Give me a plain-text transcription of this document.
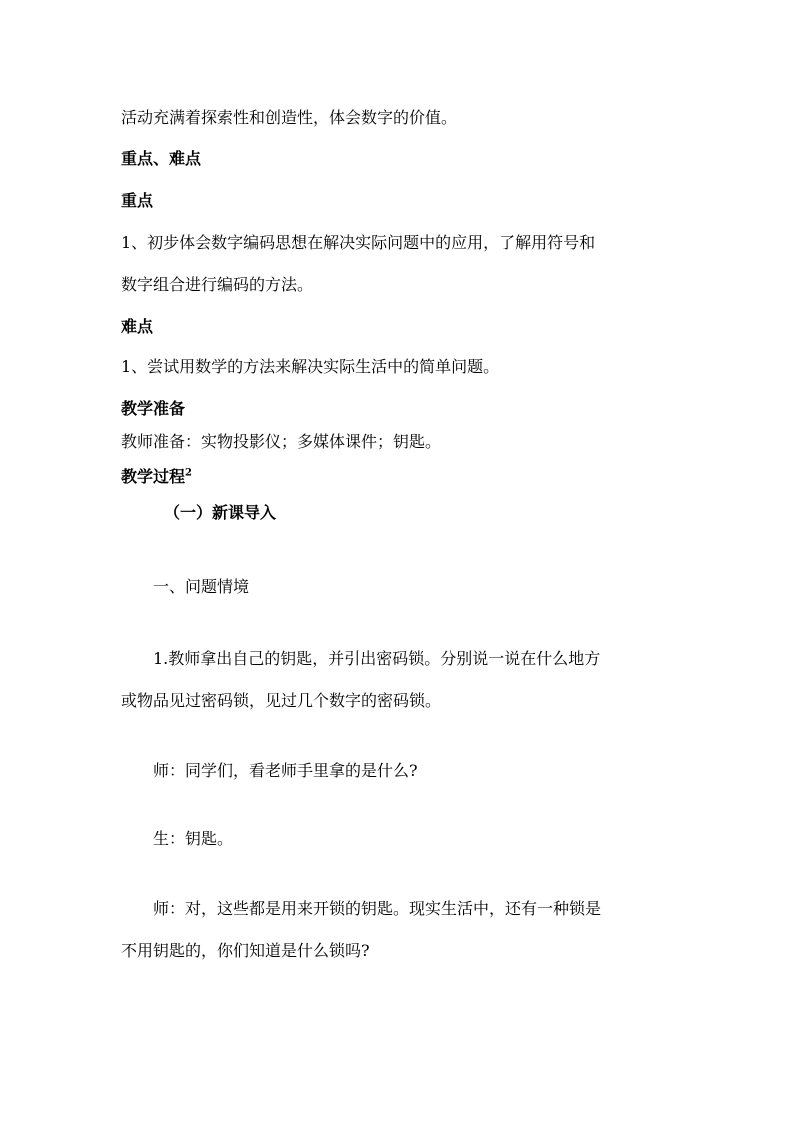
活动充满着探索性和创造性，体会数字的价值。
重点、难点
重点
1、初步体会数字编码思想在解决实际问题中的应用，了解用符号和
数字组合进行编码的方法。
难点
1、尝试用数学的方法来解决实际生活中的简单问题。
教学准备
教师准备：实物投影仪；多媒体课件；钥匙。
教学过程$^2$
（一）新课导入
一、问题情境
1.教师拿出自己的钥匙，并引出密码锁。分别说一说在什么地方
或物品见过密码锁，见过几个数字的密码锁。
师：同学们，看老师手里拿的是什么?
生：钥匙。
师：对，这些都是用来开锁的钥匙。现实生活中，还有一种锁是
不用钥匙的，你们知道是什么锁吗?
